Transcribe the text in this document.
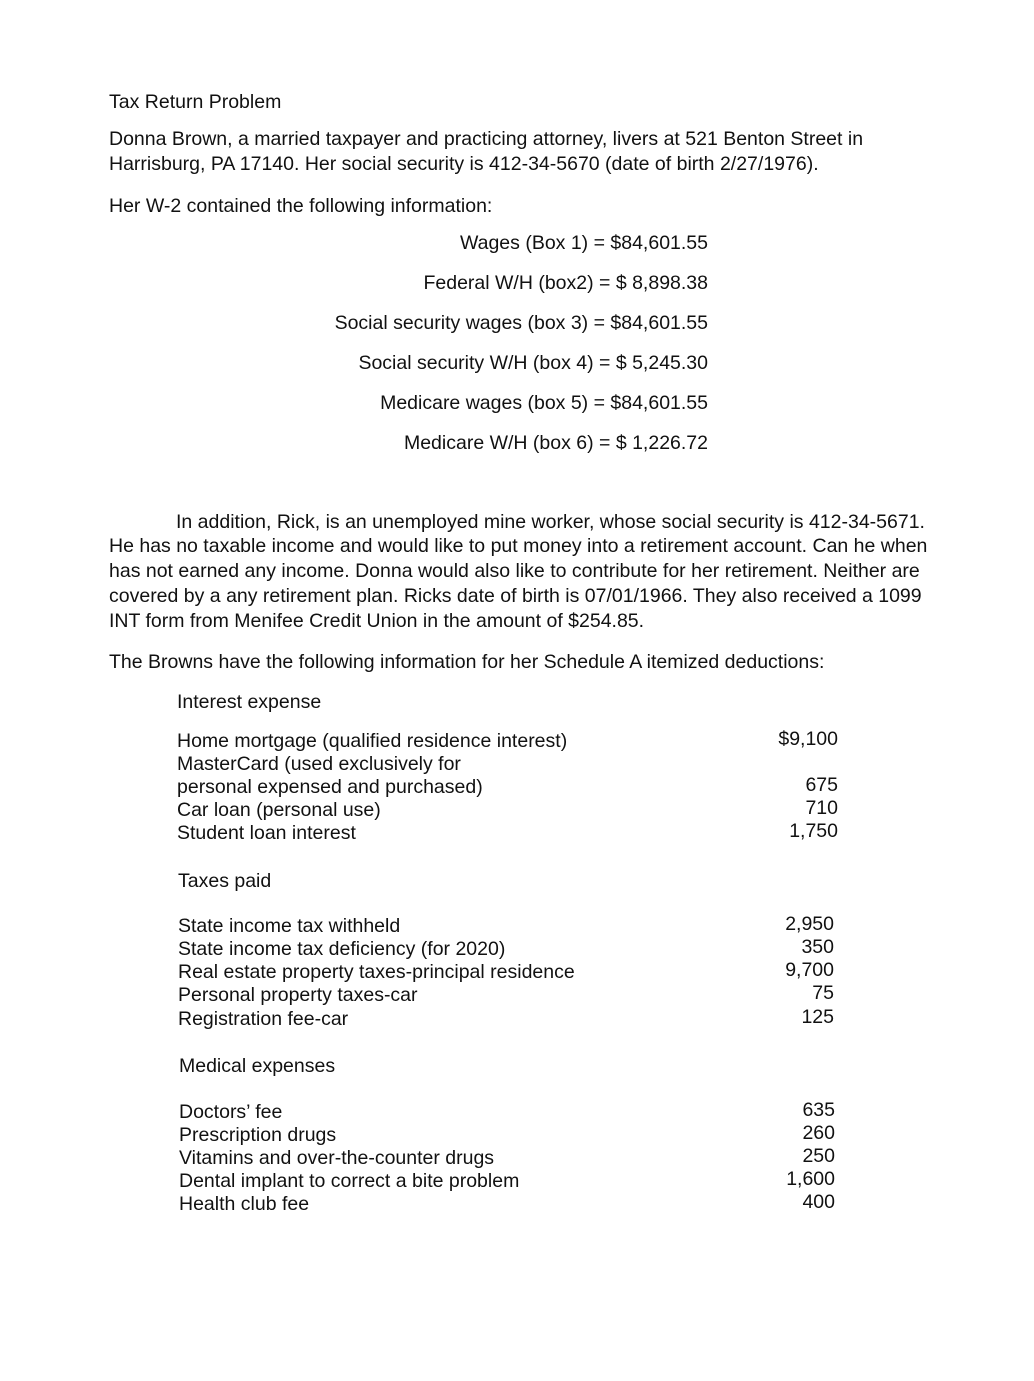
Tax Return Problem
Donna Brown, a married taxpayer and practicing attorney, livers at 521 Benton Street in
Harrisburg, PA 17140. Her social security is 412-34-5670 (date of birth 2/27/1976).
Her W-2 contained the following information:
Wages (Box 1) = $84,601.55
Federal W/H (box2) = $ 8,898.38
Social security wages (box 3) = $84,601.55
Social security W/H (box 4) = $ 5,245.30
Medicare wages (box 5) = $84,601.55
Medicare W/H (box 6) = $ 1,226.72
In addition, Rick, is an unemployed mine worker, whose social security is 412-34-5671.
He has no taxable income and would like to put money into a retirement account. Can he when
has not earned any income. Donna would also like to contribute for her retirement. Neither are
covered by a any retirement plan. Ricks date of birth is 07/01/1966. They also received a 1099
INT form from Menifee Credit Union in the amount of $254.85.
The Browns have the following information for her Schedule A itemized deductions:
Interest expense
Home mortgage (qualified residence interest)	$9,100
MasterCard (used exclusively for
personal expensed and purchased)	675
Car loan (personal use)	710
Student loan interest	1,750
Taxes paid
State income tax withheld	2,950
State income tax deficiency (for 2020)	350
Real estate property taxes-principal residence	9,700
Personal property taxes-car	75
Registration fee-car	125
Medical expenses
Doctors’ fee	635
Prescription drugs	260
Vitamins and over-the-counter drugs	250
Dental implant to correct a bite problem	1,600
Health club fee	400
